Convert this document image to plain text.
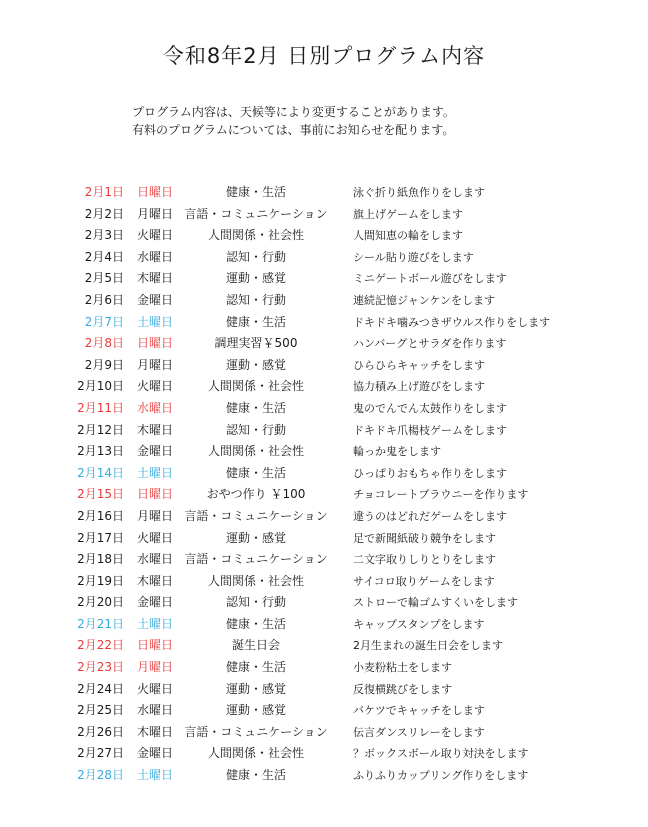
令和8年2月 日別プログラム内容
プログラム内容は、天候等により変更することがあります。
有料のプログラムについては、事前にお知らせを配ります。
2月1日 日曜日	健康・生活	泳ぐ折り紙魚作りをします
2月2日 月曜日 言語・コミュニケーション 旗上げゲームをします
2月3日 火曜日	人間関係・社会性	人間知恵の輪をします
2月4日 水曜日	認知・行動	シール貼り遊びをします
2月5日 木曜日	運動・感覚	ミニゲートボール遊びをします
2月6日 金曜日	認知・行動	連続記憶ジャンケンをします
2月7日 土曜日	健康・生活	ドキドキ噛みつきザウルス作りをします
2月8日 日曜日	調理実習￥500	ハンバーグとサラダを作ります
2月9日 月曜日	運動・感覚	ひらひらキャッチをします
2月10日 火曜日	人間関係・社会性	協力積み上げ遊びをします
2月11日 水曜日	健康・生活	鬼のでんでん太鼓作りをします
2月12日 木曜日	認知・行動	ドキドキ爪楊枝ゲームをします
2月13日 金曜日	人間関係・社会性	輪っか鬼をします
2月14日 土曜日	健康・生活	ひっぱりおもちゃ作りをします
2月15日 日曜日	おやつ作り ￥100	チョコレートブラウニーを作ります
2月16日 月曜日 言語・コミュニケーション 違うのはどれだゲームをします
2月17日 火曜日	運動・感覚	足で新聞紙破り競争をします
2月18日 水曜日 言語・コミュニケーション 二文字取りしりとりをします
2月19日 木曜日	人間関係・社会性	サイコロ取りゲームをします
2月20日 金曜日	認知・行動	ストローで輪ゴムすくいをします
2月21日 土曜日	健康・生活	キャップスタンプをします
2月22日 日曜日	誕生日会	2月生まれの誕生日会をします
2月23日 月曜日	健康・生活	小麦粉粘土をします
2月24日 火曜日	運動・感覚	反復横跳びをします
2月25日 水曜日	運動・感覚	バケツでキャッチをします
2月26日 木曜日 言語・コミュニケーション 伝言ダンスリレーをします
2月27日 金曜日	人間関係・社会性	？ボックスボール取り対決をします
2月28日 土曜日	健康・生活	ふりふりカップリング作りをします
